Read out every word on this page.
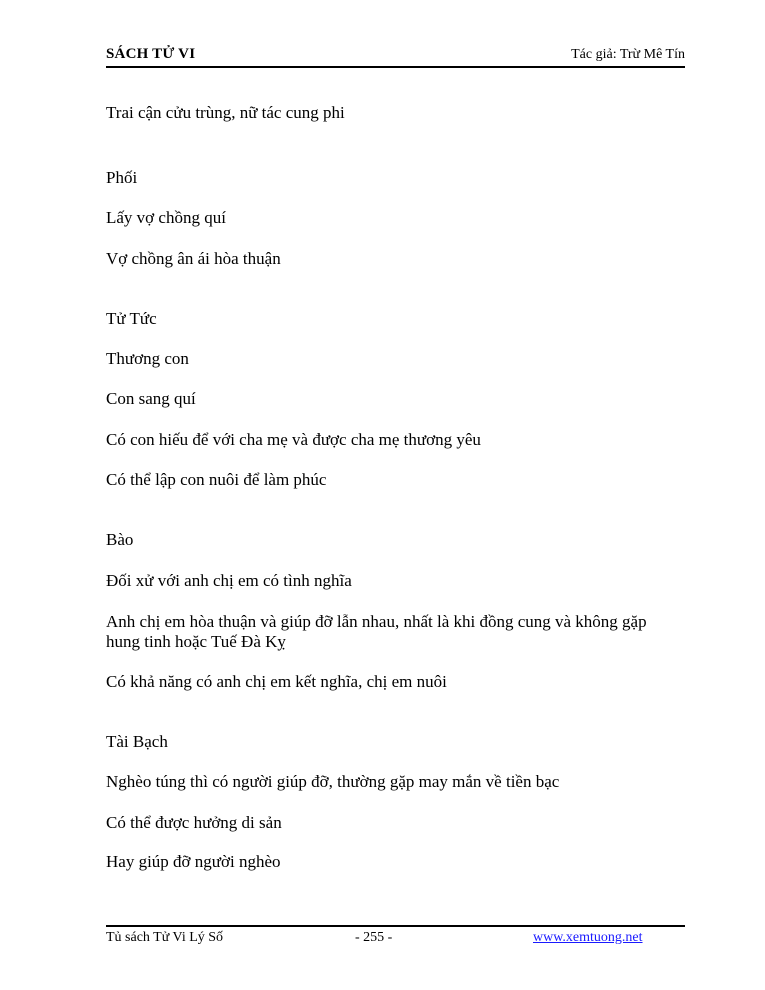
SÁCH TỬ VI	Tác giả: Trừ Mê Tín
Trai cận cửu trùng, nữ tác cung phi
Phối
Lấy vợ chồng quí
Vợ chồng ân ái hòa thuận
Tử Tức
Thương con
Con sang quí
Có con hiếu để với cha mẹ và được cha mẹ thương yêu
Có thể lập con nuôi để làm phúc
Bào
Đối xử với anh chị em có tình nghĩa
Anh chị em hòa thuận và giúp đỡ lẫn nhau, nhất là khi đồng cung và không gặp hung tinh hoặc Tuế Đà Kỵ
Có khả năng có anh chị em kết nghĩa, chị em nuôi
Tài Bạch
Nghèo túng thì có người giúp đỡ, thường gặp may mắn về tiền bạc
Có thể được hưởng di sản
Hay giúp đỡ người nghèo
Tủ sách Tử Vi Lý Số	- 255 -	www.xemtuong.net
